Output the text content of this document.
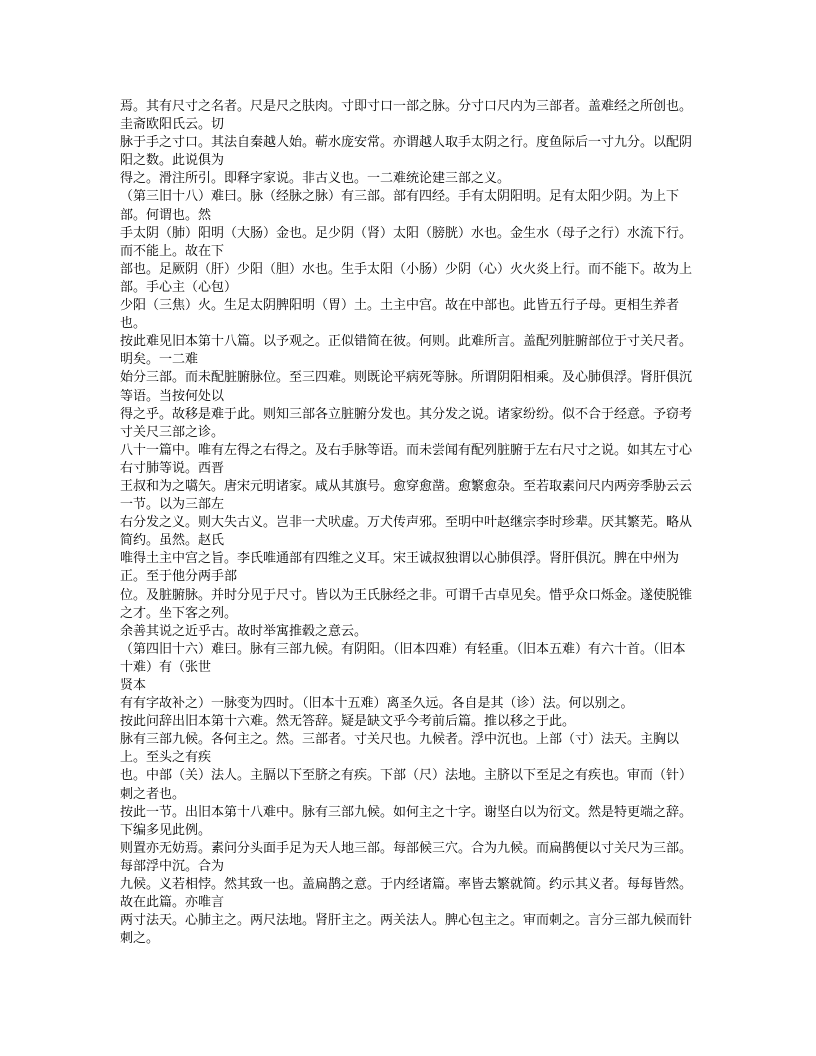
焉。其有尺寸之名者。尺是尺之肤肉。寸即寸口一部之脉。分寸口尺内为三部者。盖难经之所创也。圭斋欧阳氏云。切

脉于手之寸口。其法自秦越人始。蕲水庞安常。亦谓越人取手太阴之行。度鱼际后一寸九分。以配阴阳之数。此说俱为

得之。滑注所引。即释字家说。非古义也。一二难统论建三部之义。

（第三旧十八）难曰。脉（经脉之脉）有三部。部有四经。手有太阴阳明。足有太阳少阴。为上下部。何谓也。然

手太阴（肺）阳明（大肠）金也。足少阴（肾）太阳（膀胱）水也。金生水（母子之行）水流下行。而不能上。故在下

部也。足厥阴（肝）少阳（胆）水也。生手太阳（小肠）少阴（心）火火炎上行。而不能下。故为上部。手心主（心包）

少阳（三焦）火。生足太阴脾阳明（胃）土。土主中宫。故在中部也。此皆五行子母。更相生养者也。

按此难见旧本第十八篇。以予观之。正似错简在彼。何则。此难所言。盖配列脏腑部位于寸关尺者。明矣。一二难

始分三部。而未配脏腑脉位。至三四难。则既论平病死等脉。所谓阴阳相乘。及心肺俱浮。肾肝俱沉等语。当按何处以

得之乎。故移是难于此。则知三部各立脏腑分发也。其分发之说。诸家纷纷。似不合于经意。予窃考寸关尺三部之诊。

八十一篇中。唯有左得之右得之。及右手脉等语。而未尝闻有配列脏腑于左右尺寸之说。如其左寸心右寸肺等说。西晋

王叔和为之嚆矢。唐宋元明诸家。咸从其旗号。愈穿愈凿。愈繁愈杂。至若取素问尺内两旁季胁云云一节。以为三部左

右分发之义。则大失古义。岂非一犬吠虚。万犬传声邪。至明中叶赵继宗李时珍辈。厌其繁芜。略从简约。虽然。赵氏

唯得土主中宫之旨。李氏唯通部有四维之义耳。宋王诚叔独谓以心肺俱浮。肾肝俱沉。脾在中州为正。至于他分两手部

位。及脏腑脉。并时分见于尺寸。皆以为王氏脉经之非。可谓千古卓见矣。惜乎众口烁金。遂使脱锥之才。坐下客之列。

余善其说之近乎古。故时举寓推毂之意云。

（第四旧十六）难曰。脉有三部九候。有阴阳。（旧本四难）有轻重。（旧本五难）有六十首。（旧本十难）有（张世

贤本

有有字故补之）一脉变为四时。（旧本十五难）离圣久远。各自是其（诊）法。何以别之。

按此问辞出旧本第十六难。然无答辞。疑是缺文乎今考前后篇。推以移之于此。

脉有三部九候。各何主之。然。三部者。寸关尺也。九候者。浮中沉也。上部（寸）法天。主胸以上。至头之有疾

也。中部（关）法人。主膈以下至脐之有疾。下部（尺）法地。主脐以下至足之有疾也。审而（针）刺之者也。

按此一节。出旧本第十八难中。脉有三部九候。如何主之十字。谢坚白以为衍文。然是特更端之辞。下编多见此例。

则置亦无妨焉。素问分头面手足为天人地三部。每部候三穴。合为九候。而扁鹊便以寸关尺为三部。每部浮中沉。合为

九候。义若相悖。然其致一也。盖扁鹊之意。于内经诸篇。率皆去繁就简。约示其义者。每每皆然。故在此篇。亦唯言

两寸法天。心肺主之。两尺法地。肾肝主之。两关法人。脾心包主之。审而刺之。言分三部九候而针刺之。
